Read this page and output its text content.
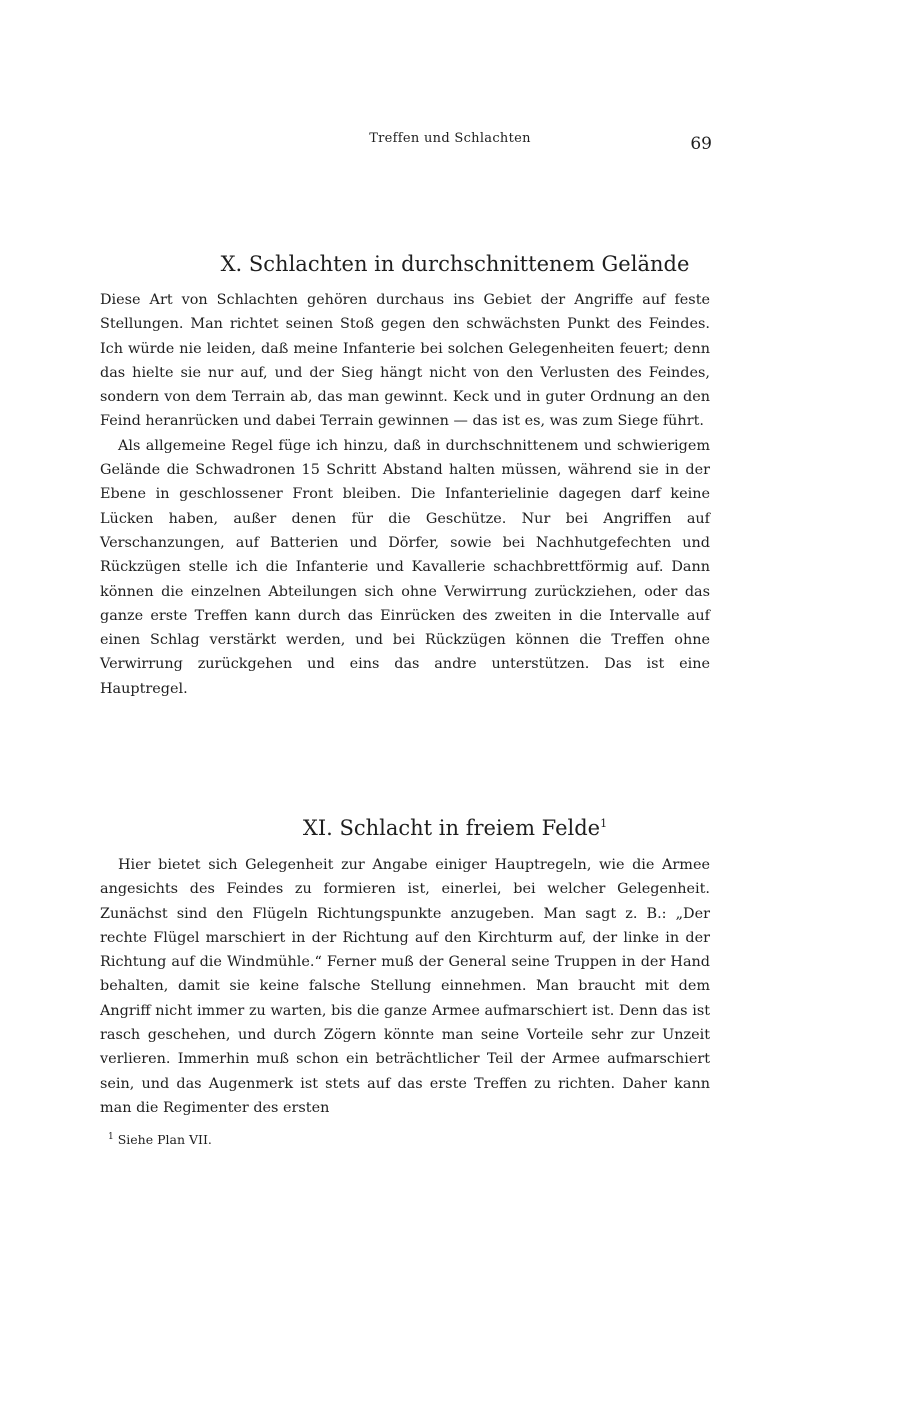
Treffen und Schlachten	69
X. Schlachten in durchschnittenem Gelände

Diese Art von Schlachten gehören durchaus ins Gebiet der Angriffe auf feste Stellungen. Man richtet seinen Stoß gegen den schwächsten Punkt des Feindes. Ich würde nie leiden, daß meine Infanterie bei solchen Gelegenheiten feuert; denn das hielte sie nur auf, und der Sieg hängt nicht von den Verlusten des Feindes, sondern von dem Terrain ab, das man gewinnt. Keck und in guter Ordnung an den Feind heranrücken und dabei Terrain gewinnen — das ist es, was zum Siege führt.

Als allgemeine Regel füge ich hinzu, daß in durchschnittenem und schwierigem Gelände die Schwadronen 15 Schritt Abstand halten müssen, während sie in der Ebene in geschlossener Front bleiben. Die Infanterielinie dagegen darf keine Lücken haben, außer denen für die Geschütze. Nur bei Angriffen auf Verschanzungen, auf Batterien und Dörfer, sowie bei Nachhutgefechten und Rückzügen stelle ich die Infanterie und Kavallerie schachbrettförmig auf. Dann können die einzelnen Abteilungen sich ohne Verwirrung zurückziehen, oder das ganze erste Treffen kann durch das Einrücken des zweiten in die Intervalle auf einen Schlag verstärkt werden, und bei Rückzügen können die Treffen ohne Verwirrung zurückgehen und eins das andre unterstützen. Das ist eine Hauptregel.

XI. Schlacht in freiem Felde$^1$

Hier bietet sich Gelegenheit zur Angabe einiger Hauptregeln, wie die Armee angesichts des Feindes zu formieren ist, einerlei, bei welcher Gelegenheit. Zunächst sind den Flügeln Richtungspunkte anzugeben. Man sagt z. B.: „Der rechte Flügel marschiert in der Richtung auf den Kirchturm auf, der linke in der Richtung auf die Windmühle.“ Ferner muß der General seine Truppen in der Hand behalten, damit sie keine falsche Stellung einnehmen. Man braucht mit dem Angriff nicht immer zu warten, bis die ganze Armee aufmarschiert ist. Denn das ist rasch geschehen, und durch Zögern könnte man seine Vorteile sehr zur Unzeit verlieren. Immerhin muß schon ein beträchtlicher Teil der Armee aufmarschiert sein, und das Augenmerk ist stets auf das erste Treffen zu richten. Daher kann man die Regimenter des ersten

$^1$ Siehe Plan VII.
